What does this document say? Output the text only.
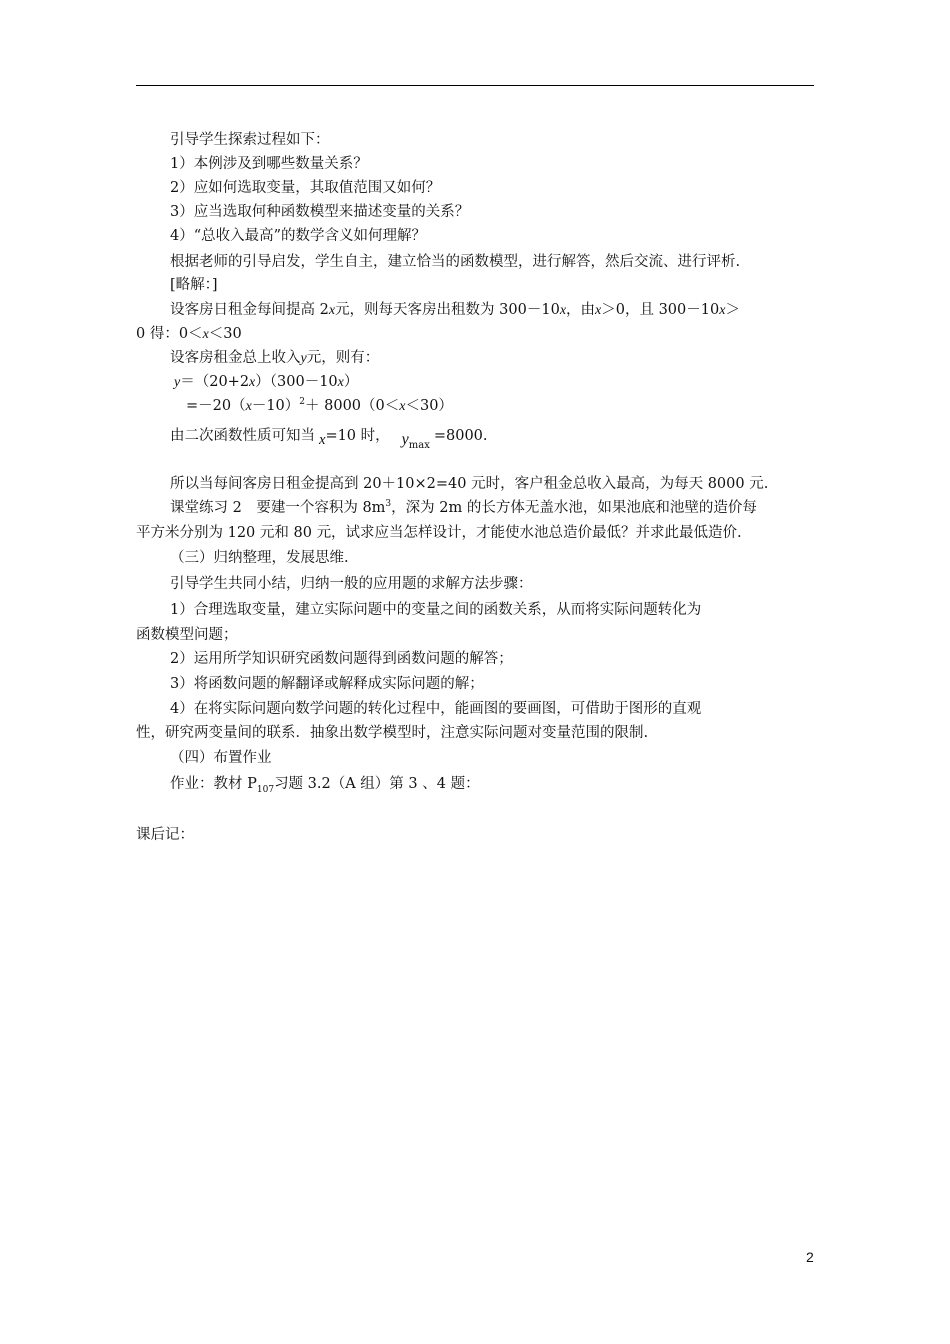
引导学生探索过程如下：
1）本例涉及到哪些数量关系？
2）应如何选取变量，其取值范围又如何？
3）应当选取何种函数模型来描述变量的关系？
4）“总收入最高”的数学含义如何理解？
根据老师的引导启发，学生自主，建立恰当的函数模型，进行解答，然后交流、进行评析.
[略解：]
设客房日租金每间提高 2x元，则每天客房出租数为 300－10x，由x＞0，且 300－10x＞
0 得：0＜x＜30
设客房租金总上收入y元，则有：
y＝（20+2x）（300－10x）
$=-20(x-10)^2+ 8000(0<x<30)$
由二次函数性质可知当 x=10 时， $y_{max}=8000$.
所以当每间客房日租金提高到 20＋10×2=40 元时，客户租金总收入最高，为每天 8000 元.
课堂练习 2　要建一个容积为 $8m^3$，深为 2m 的长方体无盖水池，如果池底和池壁的造价每
平方米分别为 120 元和 80 元，试求应当怎样设计，才能使水池总造价最低？并求此最低造价.
（三）归纳整理，发展思维.
引导学生共同小结，归纳一般的应用题的求解方法步骤：
1）合理选取变量，建立实际问题中的变量之间的函数关系，从而将实际问题转化为
函数模型问题；
2）运用所学知识研究函数问题得到函数问题的解答；
3）将函数问题的解翻译或解释成实际问题的解；
4）在将实际问题向数学问题的转化过程中，能画图的要画图，可借助于图形的直观
性，研究两变量间的联系．抽象出数学模型时，注意实际问题对变量范围的限制.
（四）布置作业
作业：教材 $P_{107}$习题 3.2（A 组）第 3 、4 题：
课后记：
2
